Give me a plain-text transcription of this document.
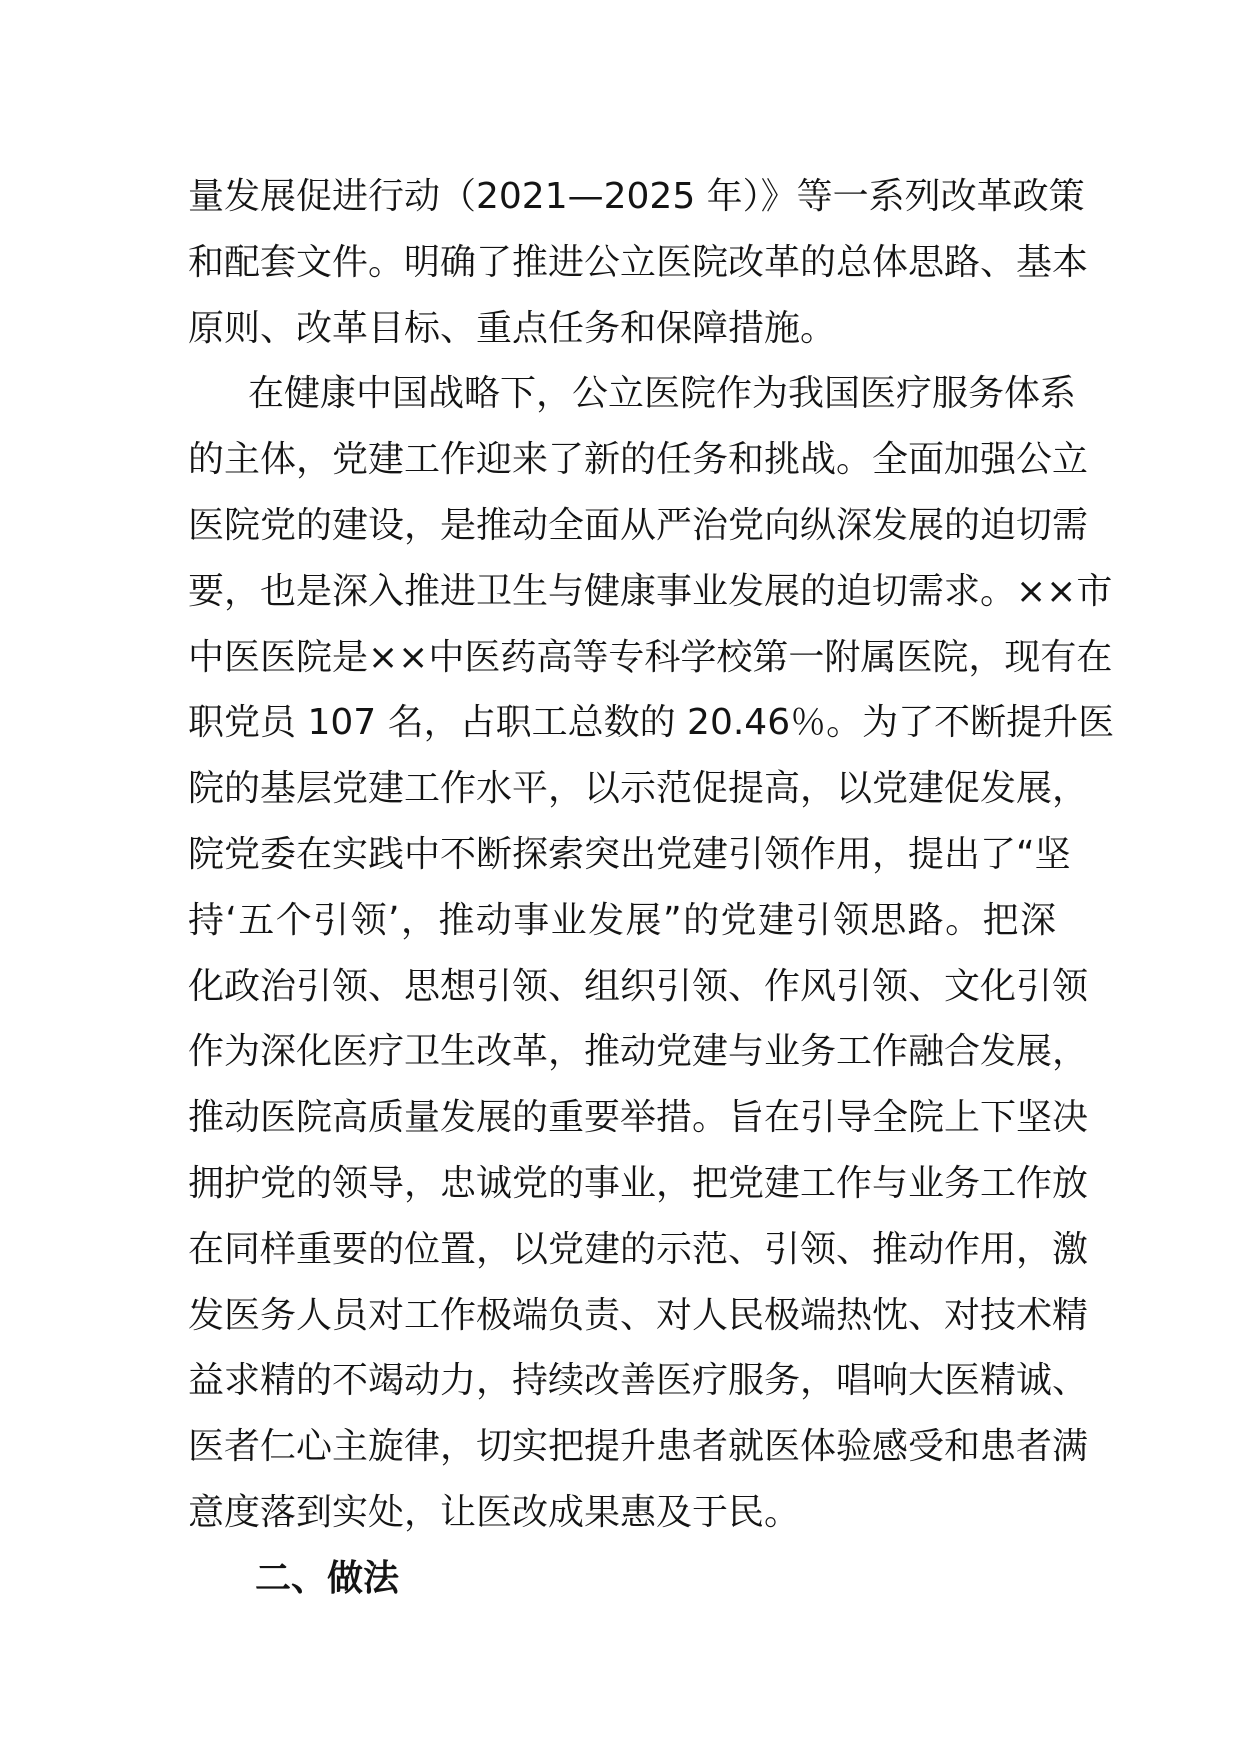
量发展促进行动（2021—2025 年）》等一系列改革政策
和配套文件。明确了推进公立医院改革的总体思路、基本
原则、改革目标、重点任务和保障措施。
在健康中国战略下，公立医院作为我国医疗服务体系
的主体，党建工作迎来了新的任务和挑战。全面加强公立
医院党的建设，是推动全面从严治党向纵深发展的迫切需
要，也是深入推进卫生与健康事业发展的迫切需求。××市
中医医院是××中医药高等专科学校第一附属医院，现有在
职党员 107 名，占职工总数的 20.46％。为了不断提升医
院的基层党建工作水平，以示范促提高，以党建促发展，
院党委在实践中不断探索突出党建引领作用，提出了“坚
持‘五个引领’，推动事业发展”的党建引领思路。把深
化政治引领、思想引领、组织引领、作风引领、文化引领
作为深化医疗卫生改革，推动党建与业务工作融合发展，
推动医院高质量发展的重要举措。旨在引导全院上下坚决
拥护党的领导，忠诚党的事业，把党建工作与业务工作放
在同样重要的位置，以党建的示范、引领、推动作用，激
发医务人员对工作极端负责、对人民极端热忱、对技术精
益求精的不竭动力，持续改善医疗服务，唱响大医精诚、
医者仁心主旋律，切实把提升患者就医体验感受和患者满
意度落到实处，让医改成果惠及于民。
二、做法
